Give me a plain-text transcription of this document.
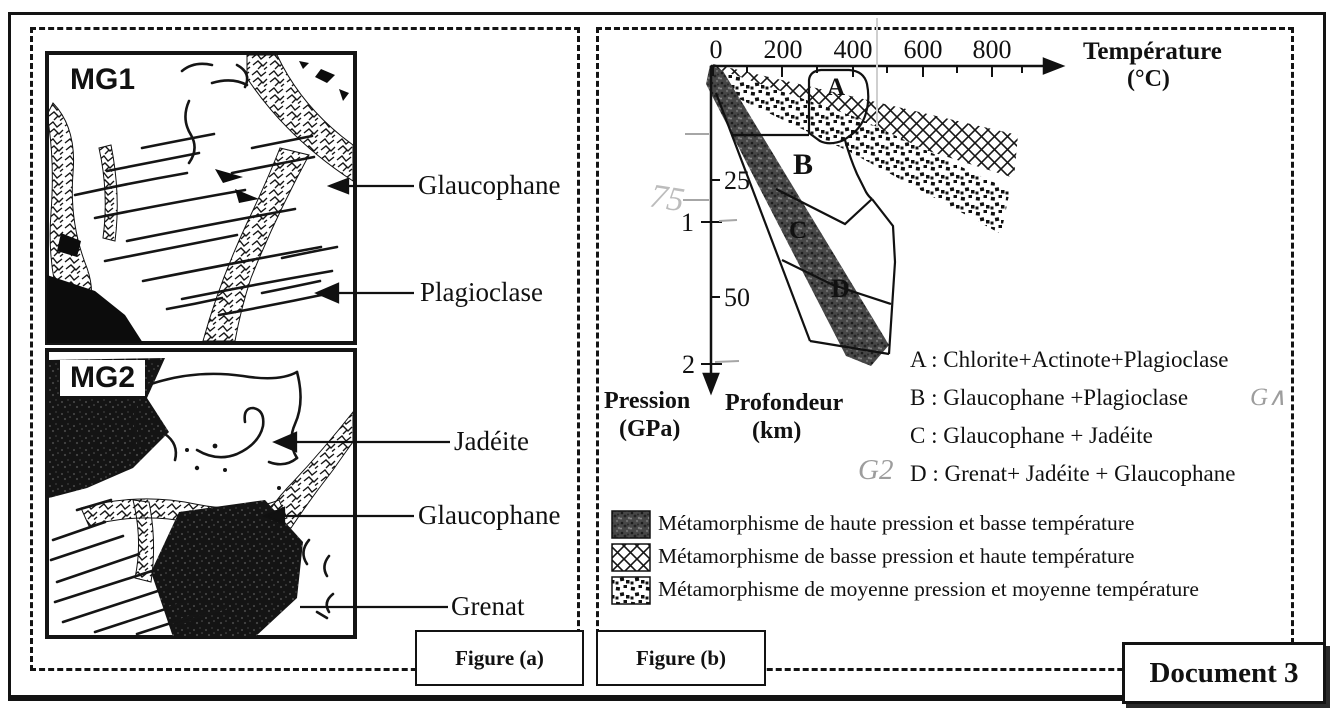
MG1
MG2
Glaucophane
Plagioclase
Jadéite
Glaucophane
Grenat
0 200 400 600 800
25
50
1
2
Température
(°C)
Pression
(GPa)
Profondeur
(km)
A
B
C
D
A : Chlorite+Actinote+Plagioclase
B : Glaucophane +Plagioclase
C : Glaucophane + Jadéite
D : Grenat+ Jadéite + Glaucophane
75
G∧
G2
Métamorphisme de haute pression et basse température
Métamorphisme de basse pression et haute température
Métamorphisme de moyenne pression et moyenne température
Figure (a)	Figure (b)	Document 3
